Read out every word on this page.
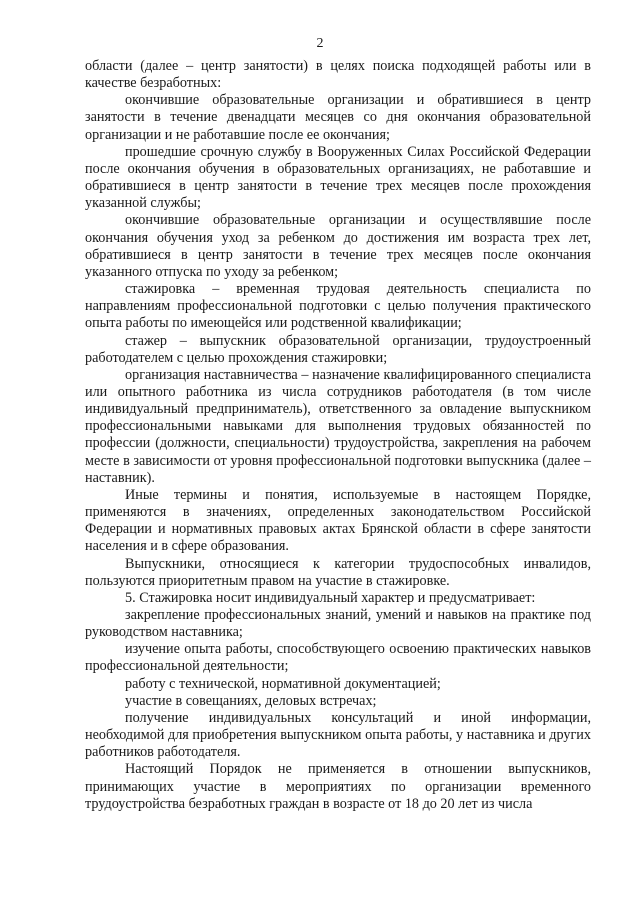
2

области (далее – центр занятости) в целях поиска подходящей работы или в качестве безработных:

окончившие образовательные организации и обратившиеся в центр занятости в течение двенадцати месяцев со дня окончания образовательной организации и не работавшие после ее окончания;

прошедшие срочную службу в Вооруженных Силах Российской Федерации после окончания обучения в образовательных организациях, не работавшие и обратившиеся в центр занятости в течение трех месяцев после прохождения указанной службы;

окончившие образовательные организации и осуществлявшие после окончания обучения уход за ребенком до достижения им возраста трех лет, обратившиеся в центр занятости в течение трех месяцев после окончания указанного отпуска по уходу за ребенком;

стажировка – временная трудовая деятельность специалиста по направлениям профессиональной подготовки с целью получения практического опыта работы по имеющейся или родственной квалификации;

стажер – выпускник образовательной организации, трудоустроенный работодателем с целью прохождения стажировки;

организация наставничества – назначение квалифицированного специалиста или опытного работника из числа сотрудников работодателя (в том числе индивидуальный предприниматель), ответственного за овладение выпускником профессиональными навыками для выполнения трудовых обязанностей по профессии (должности, специальности) трудоустройства, закрепления на рабочем месте в зависимости от уровня профессиональной подготовки выпускника (далее – наставник).

Иные термины и понятия, используемые в настоящем Порядке, применяются в значениях, определенных законодательством Российской Федерации и нормативных правовых актах Брянской области в сфере занятости населения и в сфере образования.

Выпускники, относящиеся к категории трудоспособных инвалидов, пользуются приоритетным правом на участие в стажировке.

5. Стажировка носит индивидуальный характер и предусматривает:

закрепление профессиональных знаний, умений и навыков на практике под руководством наставника;

изучение опыта работы, способствующего освоению практических навыков профессиональной деятельности;

работу с технической, нормативной документацией;

участие в совещаниях, деловых встречах;

получение индивидуальных консультаций и иной информации, необходимой для приобретения выпускником опыта работы, у наставника и других работников работодателя.

Настоящий Порядок не применяется в отношении выпускников, принимающих участие в мероприятиях по организации временного трудоустройства безработных граждан в возрасте от 18 до 20 лет из числа
